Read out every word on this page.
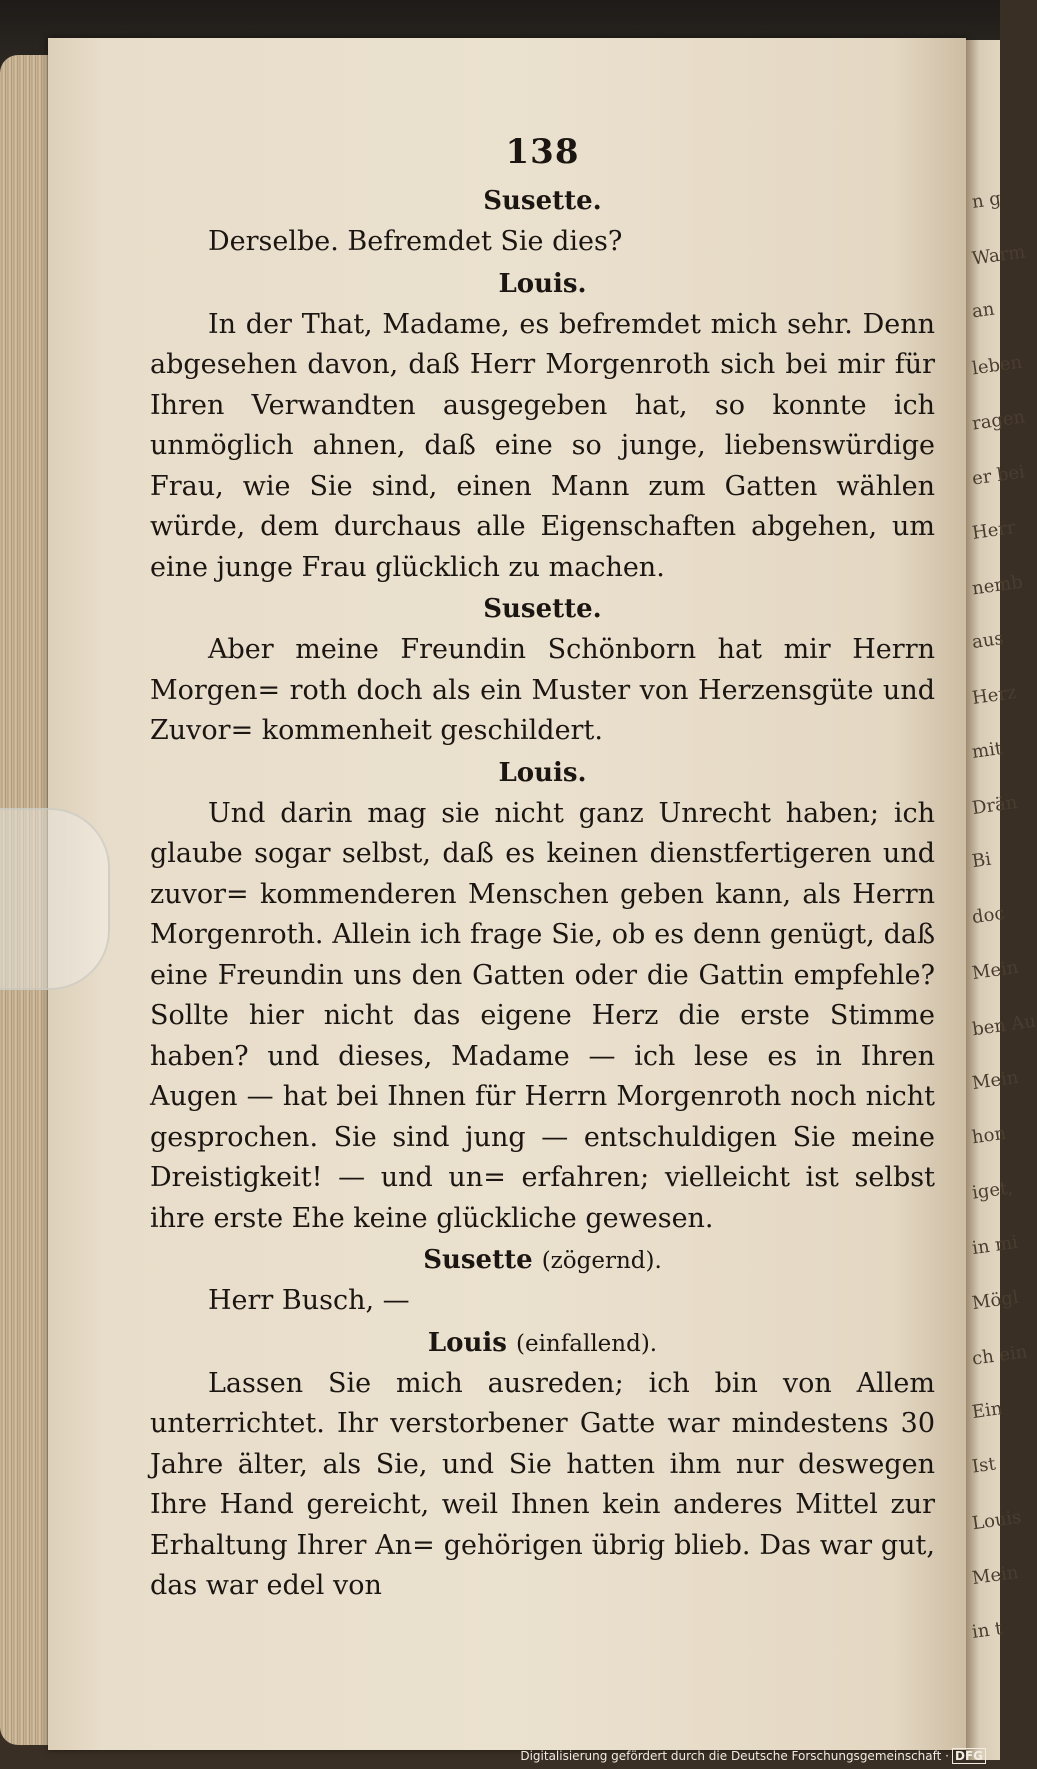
n g
Warm
an
leben
ragen
er bei
Herr
nemb
aus
Herz
mit
Drän
Bi
doc
Mein
ben Au
Mein
hon
iget,
in mi
Mögl
ch ein
Ein
Ist
Louis
Mein
in t
138
Susette.

Derselbe. Befremdet Sie dies?

Louis.

In der That, Madame, es befremdet mich sehr. Denn abgesehen davon, daß Herr Morgenroth sich bei mir für Ihren Verwandten ausgegeben hat, so konnte ich unmöglich ahnen, daß eine so junge, liebenswürdige Frau, wie Sie sind, einen Mann zum Gatten wählen würde, dem durchaus alle Eigenschaften abgehen, um eine junge Frau glücklich zu machen.

Susette.

Aber meine Freundin Schönborn hat mir Herrn Morgen= roth doch als ein Muster von Herzensgüte und Zuvor= kommenheit geschildert.

Louis.

Und darin mag sie nicht ganz Unrecht haben; ich glaube sogar selbst, daß es keinen dienstfertigeren und zuvor= kommenderen Menschen geben kann, als Herrn Morgenroth. Allein ich frage Sie, ob es denn genügt, daß eine Freundin uns den Gatten oder die Gattin empfehle? Sollte hier nicht das eigene Herz die erste Stimme haben? und dieses, Madame — ich lese es in Ihren Augen — hat bei Ihnen für Herrn Morgenroth noch nicht gesprochen. Sie sind jung — entschuldigen Sie meine Dreistigkeit! — und un= erfahren; vielleicht ist selbst ihre erste Ehe keine glückliche gewesen.

Susette (zögernd).

Herr Busch, —

Louis (einfallend).

Lassen Sie mich ausreden; ich bin von Allem unterrichtet. Ihr verstorbener Gatte war mindestens 30 Jahre älter, als Sie, und Sie hatten ihm nur deswegen Ihre Hand gereicht, weil Ihnen kein anderes Mittel zur Erhaltung Ihrer An= gehörigen übrig blieb. Das war gut, das war edel von

Digitalisierung gefördert durch die Deutsche Forschungsgemeinschaft · DFG
